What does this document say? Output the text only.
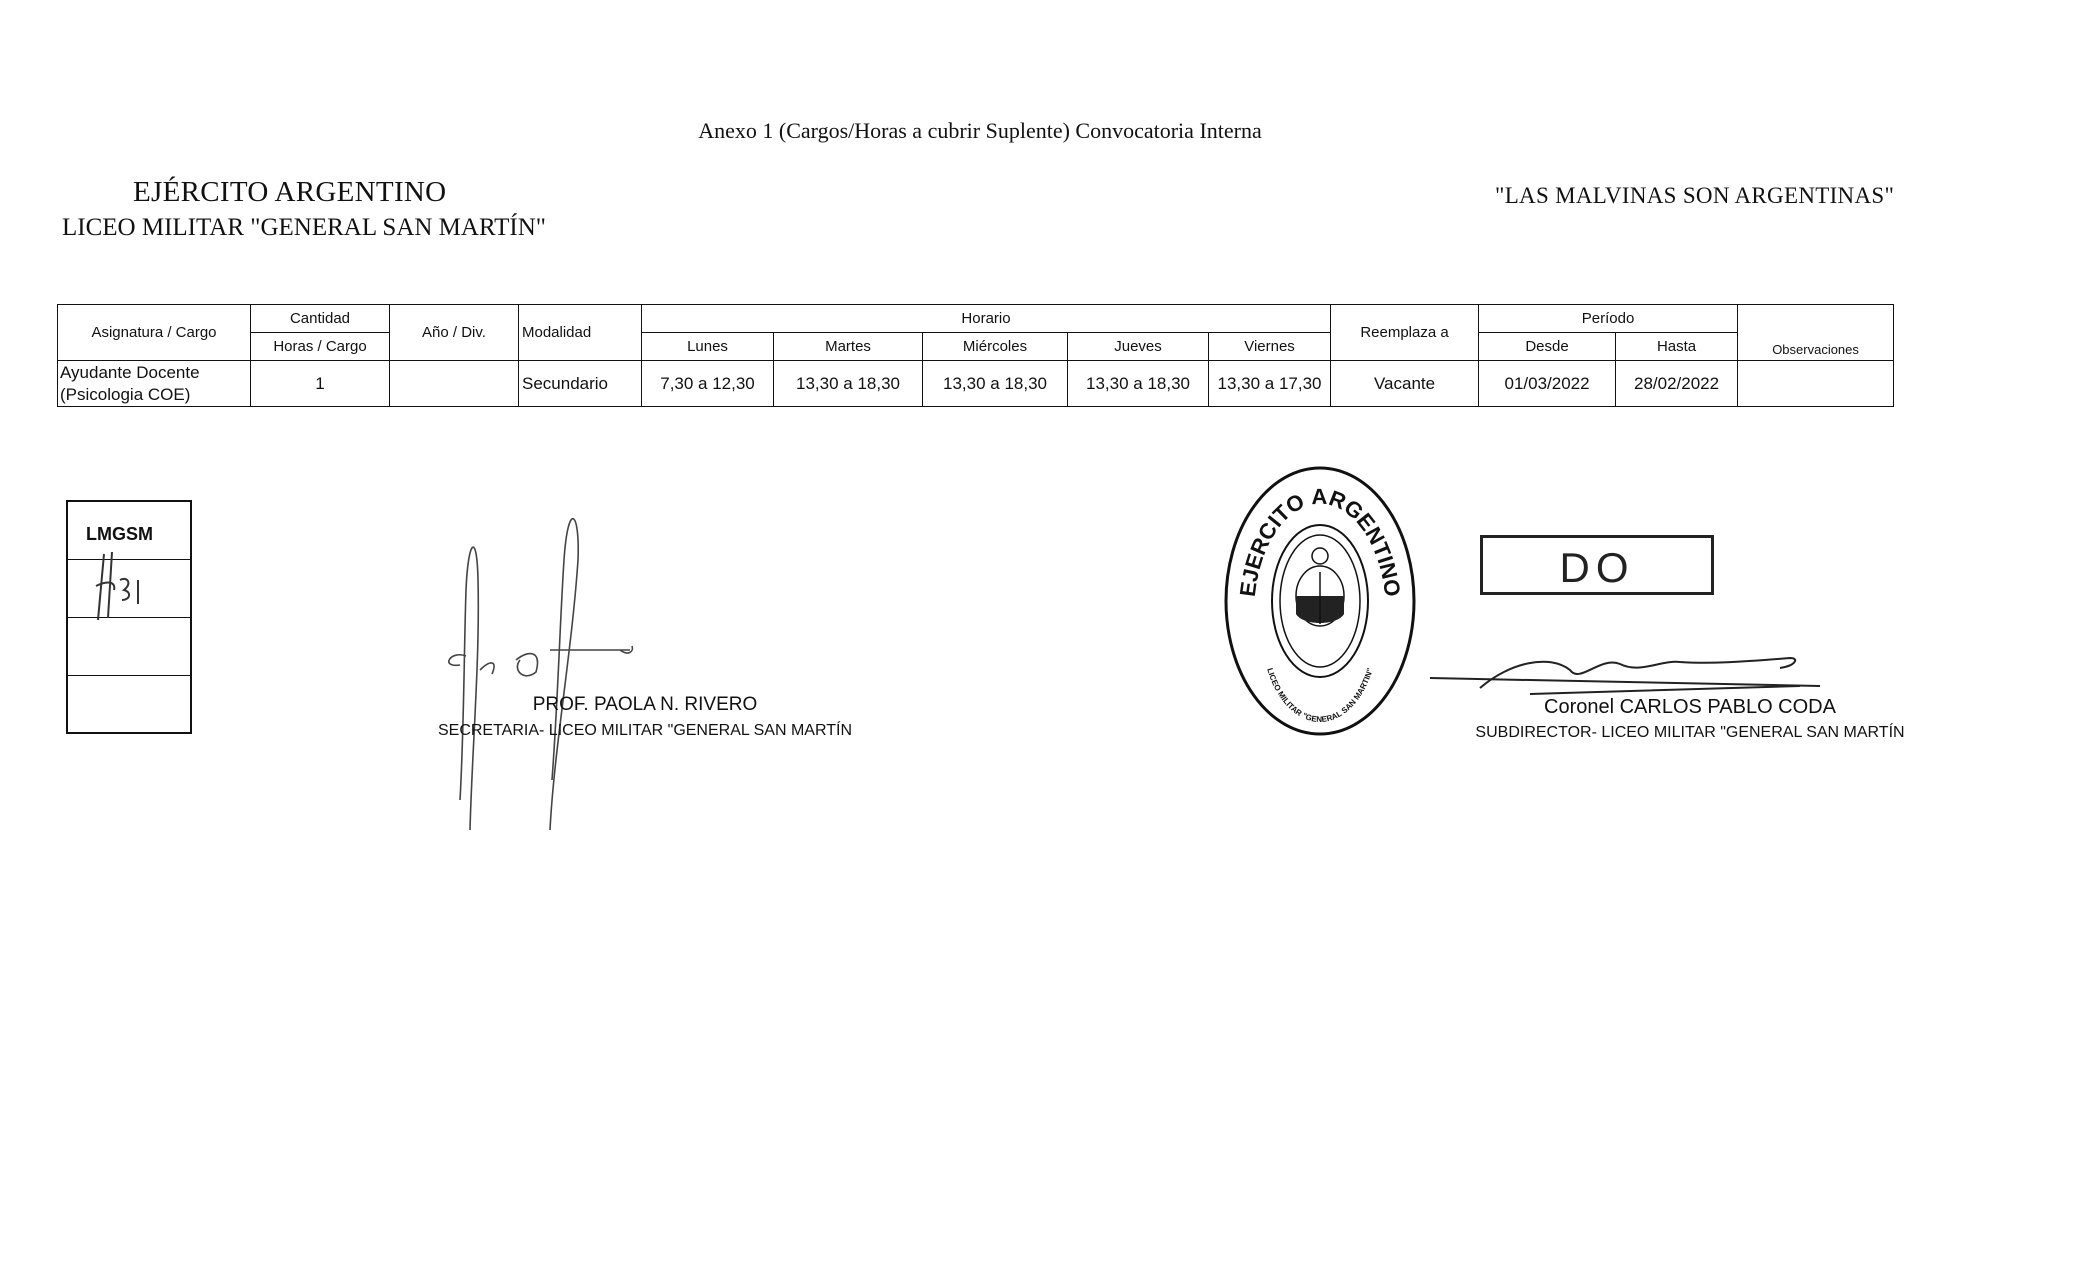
Anexo 1 (Cargos/Horas a cubrir Suplente) Convocatoria Interna
EJÉRCITO ARGENTINO
LICEO MILITAR "GENERAL SAN MARTÍN"
"LAS MALVINAS SON ARGENTINAS"
Asignatura / Cargo	Cantidad	Año / Div.	Modalidad	Horario					Reemplaza a	Período		Observaciones
	Horas / Cargo			Lunes	Martes	Miércoles	Jueves	Viernes		Desde	Hasta	

Ayudante Docente
(Psicologia COE)	1		Secundario	7,30 a 12,30	13,30 a 18,30	13,30 a 18,30	13,30 a 18,30	13,30 a 17,30	Vacante	01/03/2022	28/02/2022	
LMGSM
PROF. PAOLA N. RIVERO
SECRETARIA- LICEO MILITAR "GENERAL SAN MARTÍN
EJERCITO ARGENTINO
LICEO MILITAR "GENERAL SAN MARTIN"
DO
Coronel CARLOS PABLO CODA
SUBDIRECTOR- LICEO MILITAR "GENERAL SAN MARTÍN
